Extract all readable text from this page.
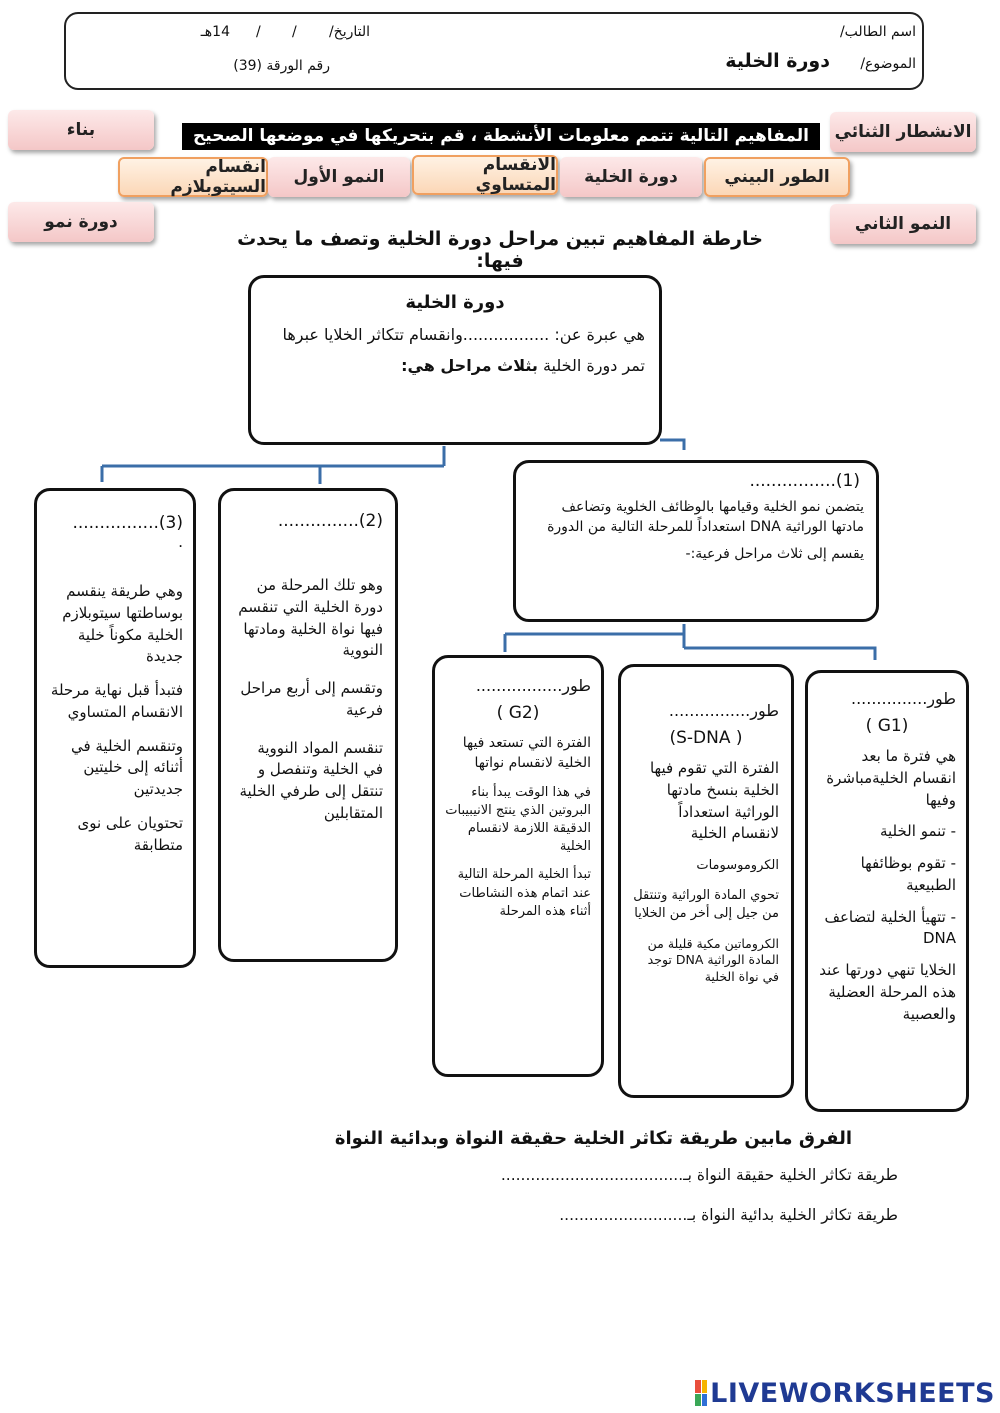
اسم الطالب/
التاريخ/
/
/
14هـ
الموضوع/
دورة الخلية
رقم الورقة (39)
بناء	المفاهيم التالية تتمم معلومات الأنشطة ، قم بتحريكها في موضعها الصحيح	الانشطار الثنائي
انقسام السيتوبلازم	النمو الأول
الانقسام المتساوي	دورة الخلية	الطور البيني
دورة نمو	النمو الثاني
خارطة المفاهيم تبين مراحل دورة الخلية وتصف ما يحدث فيها:
دورة الخلية
هي عبرة عن: .................وانقسام تتكاثر الخلايا عبرها
تمر دورة الخلية بثلاث مراحل هي:
(1)................
يتضمن نمو الخلية وقيامها بالوظائف الخلوية وتضاعف مادتها الوراثية DNA استعداداً للمرحلة التالية من الدورة
يقسم إلى ثلاث مراحل فرعية:-
(2)...............
وهو تلك المرحلة من دورة الخلية التي تنقسم فيها نواة الخلية ومادتها النووية
وتقسم إلى أربع مراحل فرعية
تنقسم المواد النووية في الخلية وتنفصل و تنتقل إلى طرفي الخلية المتقابلين
(3)................
.
وهي طريقة ينقسم بوساطتها سيتوبلازم الخلية مكوناً خلية جديدة
فتبدأ قبل نهاية مرحلة الانقسام المتساوي
وتنقسم الخلية في أثنائه إلى خليتين جديدتين
تحتويان على نوى متطابقة
طور...............
(G1 )
هي فترة ما بعد انقسام الخليةمباشرة وفيها
- تنمو الخلية
- تقوم بوظائفها الطبيعية
- تتهيأ الخلية لتضاعف DNA
الخلايا تنهي دورتها عند هذه المرحلة العضلية والعصبية
طور................
( S-DNA)
الفترة التي تقوم فيها الخلية بنسخ مادتها الوراثية استعداداً لانقسام الخلية
الكروموسومات
تحوي المادة الوراثية وتنتقل من جيل إلى أخر من الخلايا
الكروماتين مكية قليلة من المادة الوراثية DNA توجد في نواة الخلية
طور.................
(G2 )
الفترة التي تستعد فيها الخلية لانقسام نواتها
في هذا الوقت يبدأ بناء البروتين الذي ينتج الانيبيبات الدقيقة اللازمة لانقسام الخلية
تبدأ الخلية المرحلة التالية عند اتمام هذه النشاطات أثناء هذه المرحلة
الفرق مابين طريقة تكاثر الخلية حقيقة النواة وبدائية النواة
طريقة تكاثر الخلية حقيقة النواة بـ.....................................
طريقة تكاثر الخلية بدائية النواة بـ..........................
LIVEWORKSHEETS
